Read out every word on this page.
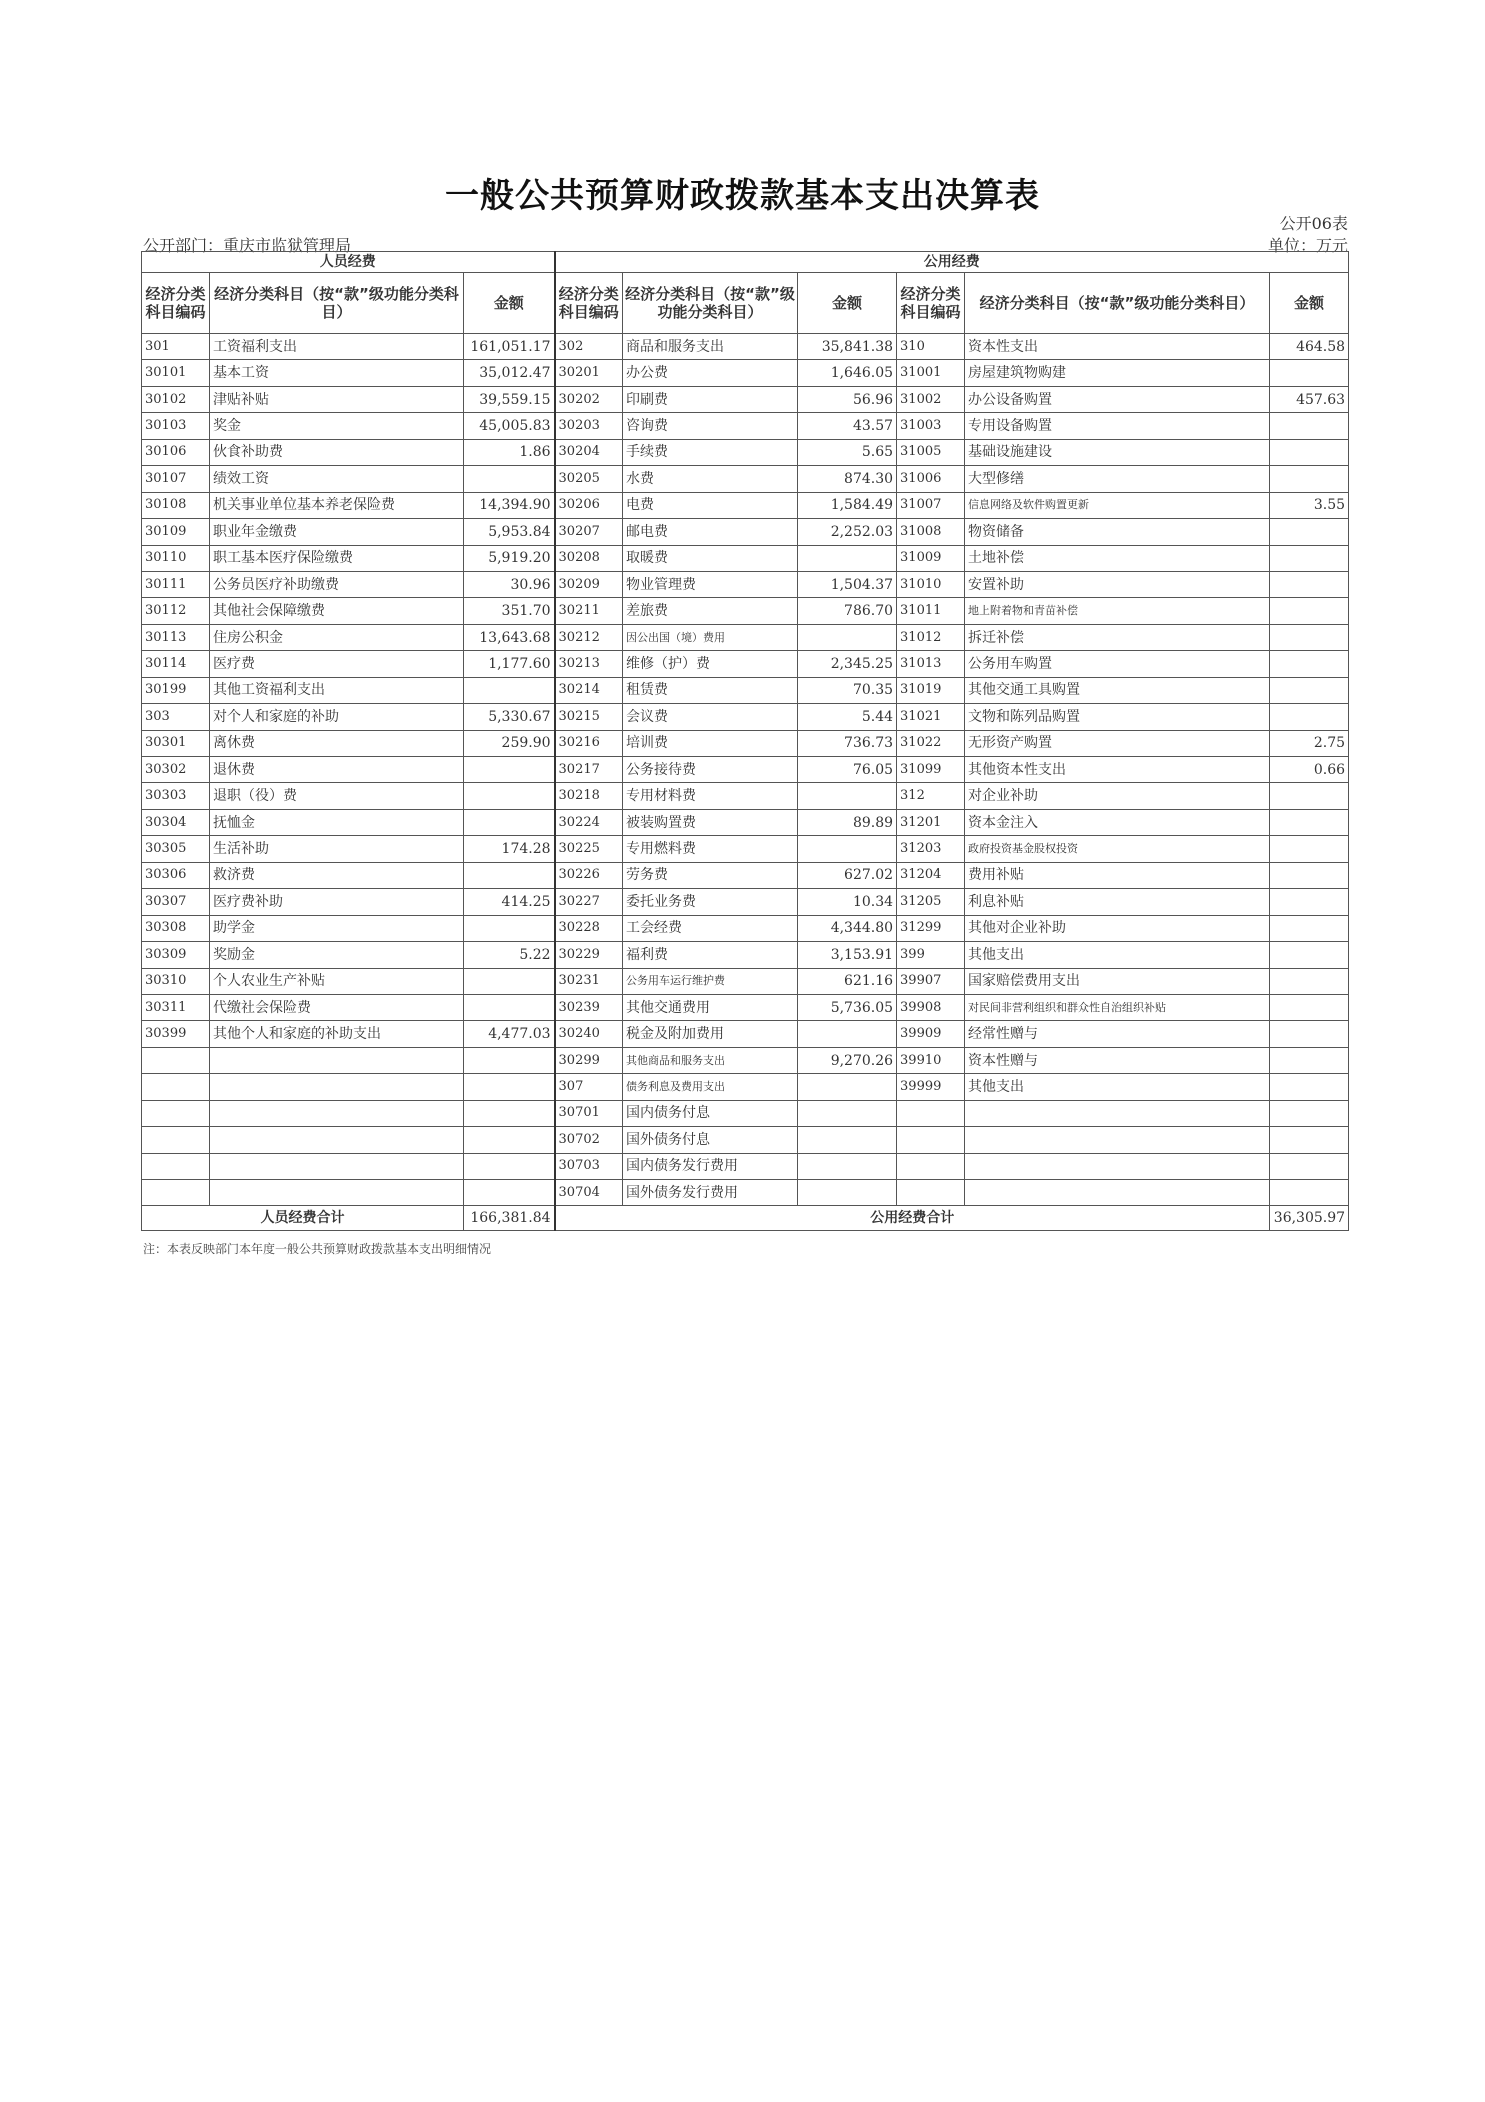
一般公共预算财政拨款基本支出决算表
公开06表
公开部门：重庆市监狱管理局	单位：万元
人员经费			公用经费					
经济分类科目编码	经济分类科目（按“款”级功能分类科目）	金额	经济分类科目编码	经济分类科目（按“款”级功能分类科目）	金额	经济分类科目编码	经济分类科目（按“款”级功能分类科目）	金额
301	工资福利支出	161,051.17	302	商品和服务支出	35,841.38	310	资本性支出	464.58
30101	基本工资	35,012.47	30201	办公费	1,646.05	31001	房屋建筑物购建	
30102	津贴补贴	39,559.15	30202	印刷费	56.96	31002	办公设备购置	457.63
30103	奖金	45,005.83	30203	咨询费	43.57	31003	专用设备购置	
30106	伙食补助费	1.86	30204	手续费	5.65	31005	基础设施建设	
30107	绩效工资		30205	水费	874.30	31006	大型修缮	
30108	机关事业单位基本养老保险费	14,394.90	30206	电费	1,584.49	31007	信息网络及软件购置更新	3.55
30109	职业年金缴费	5,953.84	30207	邮电费	2,252.03	31008	物资储备	
30110	职工基本医疗保险缴费	5,919.20	30208	取暖费		31009	土地补偿	
30111	公务员医疗补助缴费	30.96	30209	物业管理费	1,504.37	31010	安置补助	
30112	其他社会保障缴费	351.70	30211	差旅费	786.70	31011	地上附着物和青苗补偿	
30113	住房公积金	13,643.68	30212	因公出国（境）费用		31012	拆迁补偿	
30114	医疗费	1,177.60	30213	维修（护）费	2,345.25	31013	公务用车购置	
30199	其他工资福利支出		30214	租赁费	70.35	31019	其他交通工具购置	
303	对个人和家庭的补助	5,330.67	30215	会议费	5.44	31021	文物和陈列品购置	
30301	离休费	259.90	30216	培训费	736.73	31022	无形资产购置	2.75
30302	退休费		30217	公务接待费	76.05	31099	其他资本性支出	0.66
30303	退职（役）费		30218	专用材料费		312	对企业补助	
30304	抚恤金		30224	被装购置费	89.89	31201	资本金注入	
30305	生活补助	174.28	30225	专用燃料费		31203	政府投资基金股权投资	
30306	救济费		30226	劳务费	627.02	31204	费用补贴	
30307	医疗费补助	414.25	30227	委托业务费	10.34	31205	利息补贴	
30308	助学金		30228	工会经费	4,344.80	31299	其他对企业补助	
30309	奖励金	5.22	30229	福利费	3,153.91	399	其他支出	
30310	个人农业生产补贴		30231	公务用车运行维护费	621.16	39907	国家赔偿费用支出	
30311	代缴社会保险费		30239	其他交通费用	5,736.05	39908	对民间非营利组织和群众性自治组织补贴	
30399	其他个人和家庭的补助支出	4,477.03	30240	税金及附加费用		39909	经常性赠与	
			30299	其他商品和服务支出	9,270.26	39910	资本性赠与	
			307	债务利息及费用支出		39999	其他支出	
			30701	国内债务付息				
			30702	国外债务付息				
			30703	国内债务发行费用				
			30704	国外债务发行费用				
人员经费合计		166,381.84	公用经费合计					36,305.97
注：本表反映部门本年度一般公共预算财政拨款基本支出明细情况
